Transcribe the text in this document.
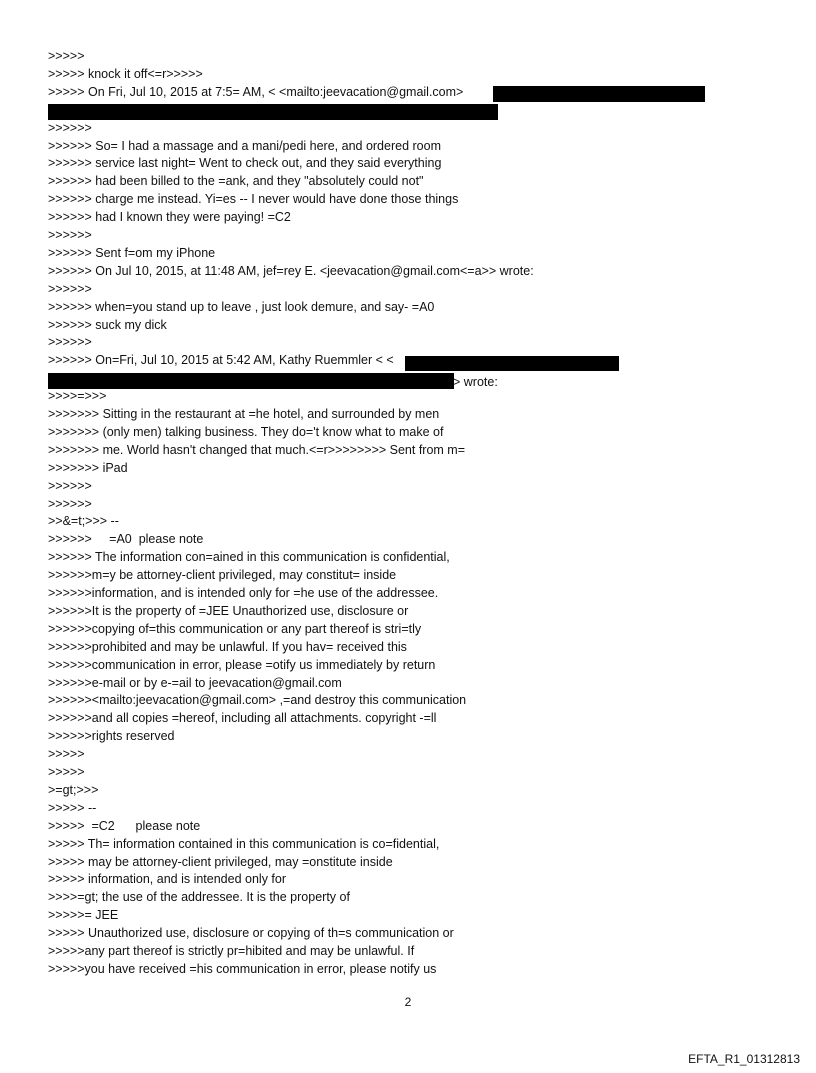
>>>>>
>>>>> knock it off<=r>>>>>
>>>>> On Fri, Jul 10, 2015 at 7:5= AM, < <mailto:jeevacation@gmail.com>
>>>>>>
>>>>>> So= I had a massage and a mani/pedi here, and ordered room
>>>>>> service last night= Went to check out, and they said everything
>>>>>> had been billed to the =ank, and they "absolutely could not"
>>>>>> charge me instead. Yi=es -- I never would have done those things
>>>>>> had I known they were paying! =C2
>>>>>>
>>>>>> Sent f=om my iPhone
>>>>>> On Jul 10, 2015, at 11:48 AM, jef=rey E. <jeevacation@gmail.com<=a>> wrote:
>>>>>>
>>>>>> when=you stand up to leave , just look demure, and say- =A0
>>>>>> suck my dick
>>>>>>
>>>>>> On=Fri, Jul 10, 2015 at 5:42 AM, Kathy Ruemmler < <
>>>>=>>>
>>>>>>> Sitting in the restaurant at =he hotel, and surrounded by men
>>>>>>> (only men) talking business. They do='t know what to make of
>>>>>>> me. World hasn't changed that much.<=r>>>>>>>> Sent from m=
>>>>>>> iPad
>>>>>>
>>>>>>
>>&=t;>>> --
>>>>>>     =A0  please note
>>>>>> The information con=ained in this communication is confidential,
>>>>>>m=y be attorney-client privileged, may constitut= inside
>>>>>>information, and is intended only for =he use of the addressee.
>>>>>>It is the property of =JEE Unauthorized use, disclosure or
>>>>>>copying of=this communication or any part thereof is stri=tly
>>>>>>prohibited and may be unlawful. If you hav= received this
>>>>>>communication in error, please =otify us immediately by return
>>>>>>e-mail or by e-=ail to jeevacation@gmail.com
>>>>>><mailto:jeevacation@gmail.com> ,=and destroy this communication
>>>>>>and all copies =hereof, including all attachments. copyright -=ll
>>>>>>rights reserved
>>>>>
>>>>>
>=gt;>>>
>>>>> --
>>>>>  =C2      please note
>>>>> Th= information contained in this communication is co=fidential,
>>>>> may be attorney-client privileged, may =onstitute inside
>>>>> information, and is intended only for
>>>>=gt; the use of the addressee. It is the property of
>>>>>= JEE
>>>>> Unauthorized use, disclosure or copying of th=s communication or
>>>>>any part thereof is strictly pr=hibited and may be unlawful. If
>>>>>you have received =his communication in error, please notify us
> wrote:
2
EFTA_R1_01312813
